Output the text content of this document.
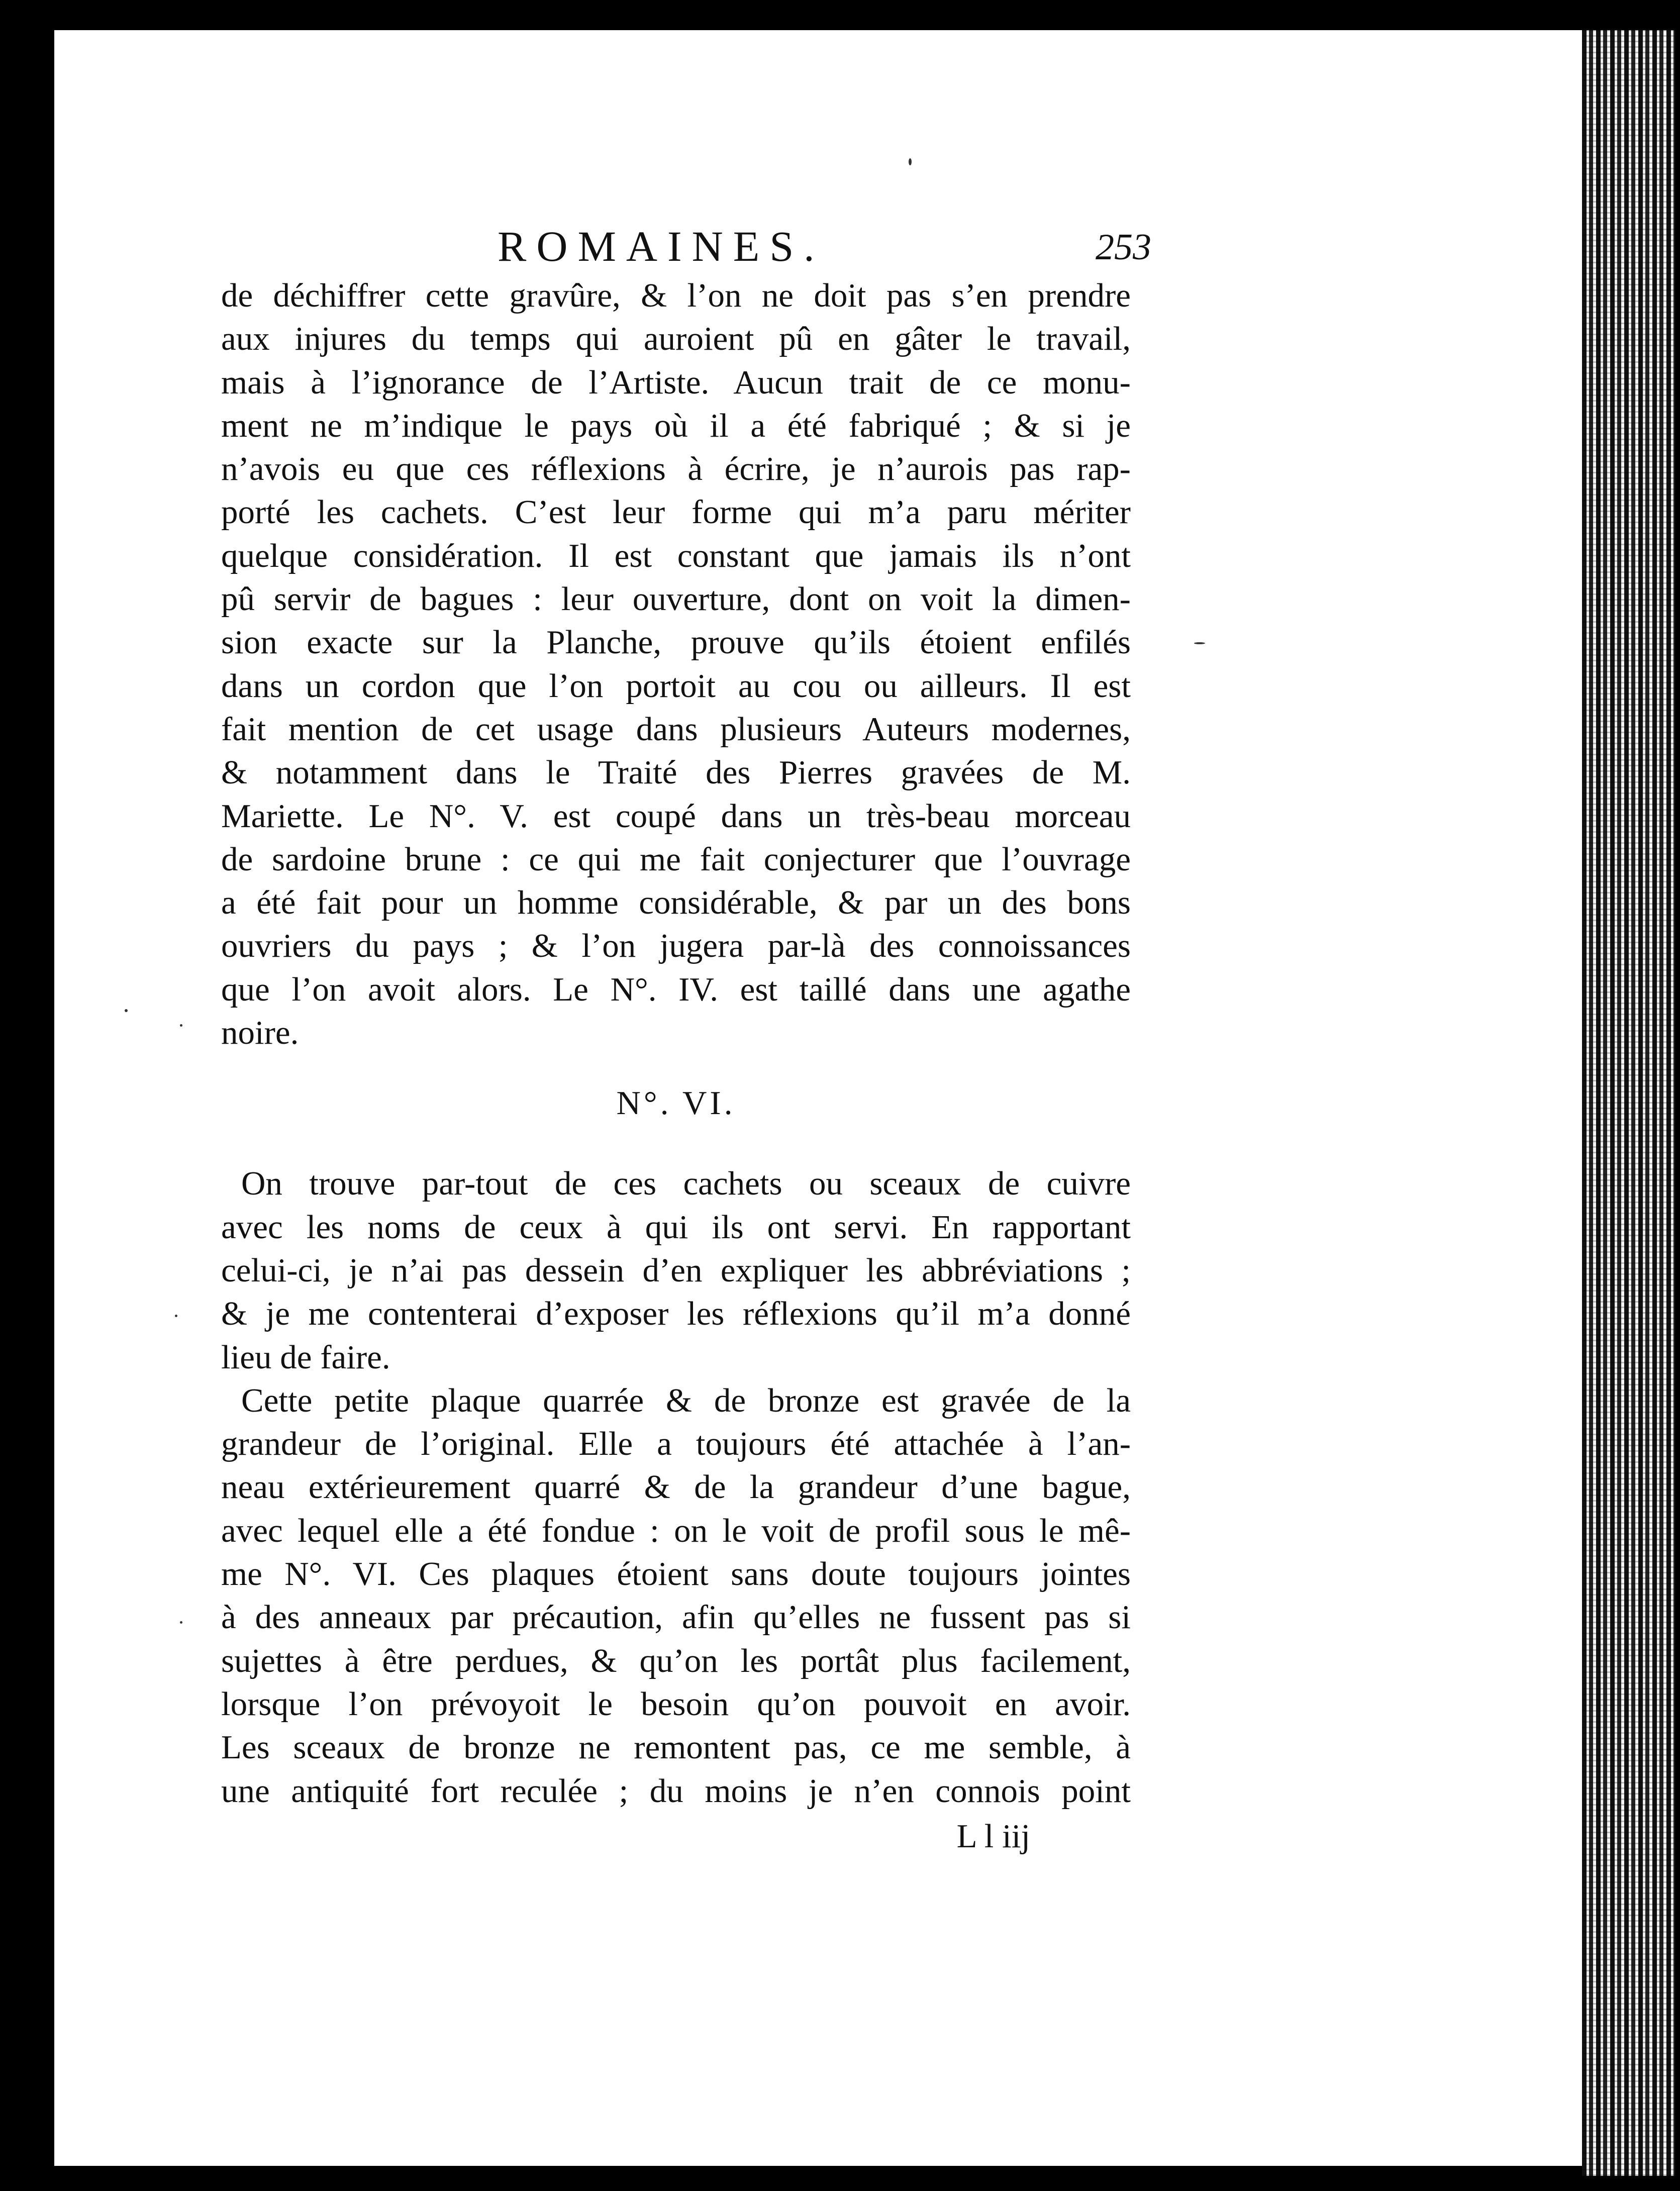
ROMAINES.	253
de déchiffrer cette gravûre, & l’on ne doit pas s’en prendre
aux injures du temps qui auroient pû en gâter le travail,
mais à l’ignorance de l’Artiste. Aucun trait de ce monu-
ment ne m’indique le pays où il a été fabriqué ; & si je
n’avois eu que ces réflexions à écrire, je n’aurois pas rap-
porté les cachets. C’est leur forme qui m’a paru mériter
quelque considération. Il est constant que jamais ils n’ont
pû servir de bagues : leur ouverture, dont on voit la dimen-
sion exacte sur la Planche, prouve qu’ils étoient enfilés
dans un cordon que l’on portoit au cou ou ailleurs. Il est
fait mention de cet usage dans plusieurs Auteurs modernes,
& notamment dans le Traité des Pierres gravées de M.
Mariette. Le N°. V. est coupé dans un très-beau morceau
de sardoine brune : ce qui me fait conjecturer que l’ouvrage
a été fait pour un homme considérable, & par un des bons
ouvriers du pays ; & l’on jugera par-là des connoissances
que l’on avoit alors. Le N°. IV. est taillé dans une agathe
noire.
N°. VI.
On trouve par-tout de ces cachets ou sceaux de cuivre
avec les noms de ceux à qui ils ont servi. En rapportant
celui-ci, je n’ai pas dessein d’en expliquer les abbréviations ;
& je me contenterai d’exposer les réflexions qu’il m’a donné
lieu de faire.
Cette petite plaque quarrée & de bronze est gravée de la
grandeur de l’original. Elle a toujours été attachée à l’an-
neau extérieurement quarré & de la grandeur d’une bague,
avec lequel elle a été fondue : on le voit de profil sous le mê-
me N°. VI. Ces plaques étoient sans doute toujours jointes
à des anneaux par précaution, afin qu’elles ne fussent pas si
sujettes à être perdues, & qu’on les portât plus facilement,
lorsque l’on prévoyoit le besoin qu’on pouvoit en avoir.
Les sceaux de bronze ne remontent pas, ce me semble, à
une antiquité fort reculée ; du moins je n’en connois point
L l iij
